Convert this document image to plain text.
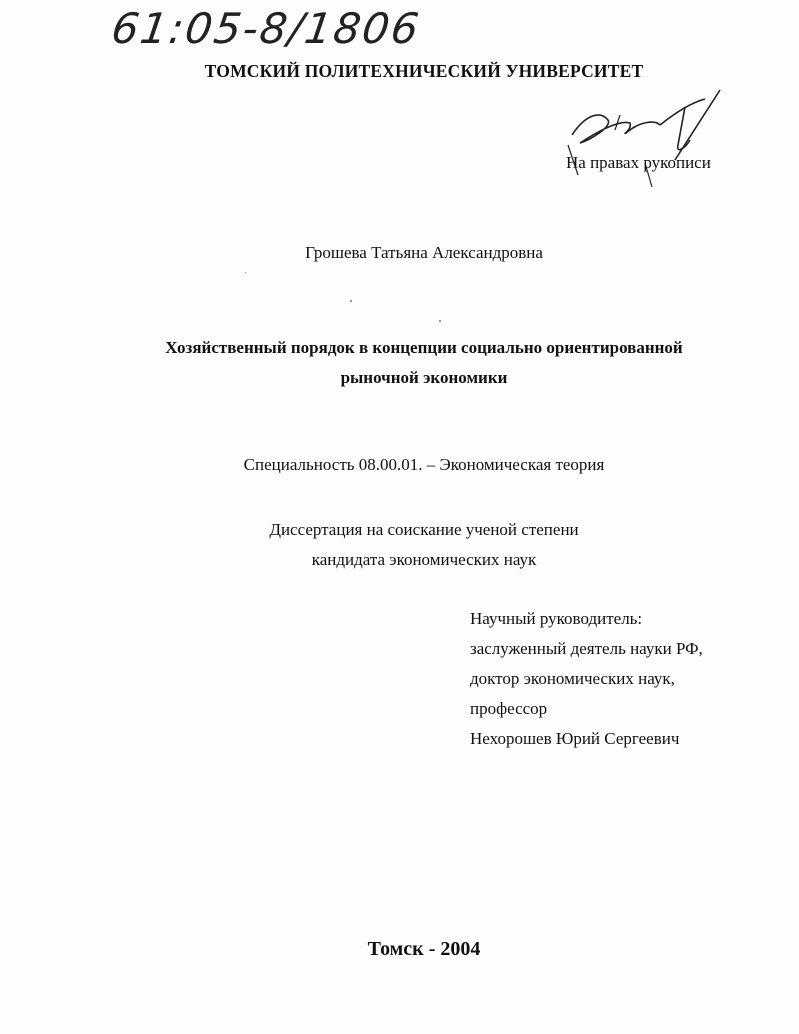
61:05-8/1806
ТОМСКИЙ ПОЛИТЕХНИЧЕСКИЙ УНИВЕРСИТЕТ
На правах рукописи
Грошева Татьяна Александровна
Хозяйственный порядок в концепции социально ориентированной
рыночной экономики
Специальность 08.00.01. – Экономическая теория
Диссертация на соискание ученой степени
кандидата экономических наук
Научный руководитель:
заслуженный деятель науки РФ,
доктор экономических наук,
профессор
Нехорошев Юрий Сергеевич
Томск - 2004
